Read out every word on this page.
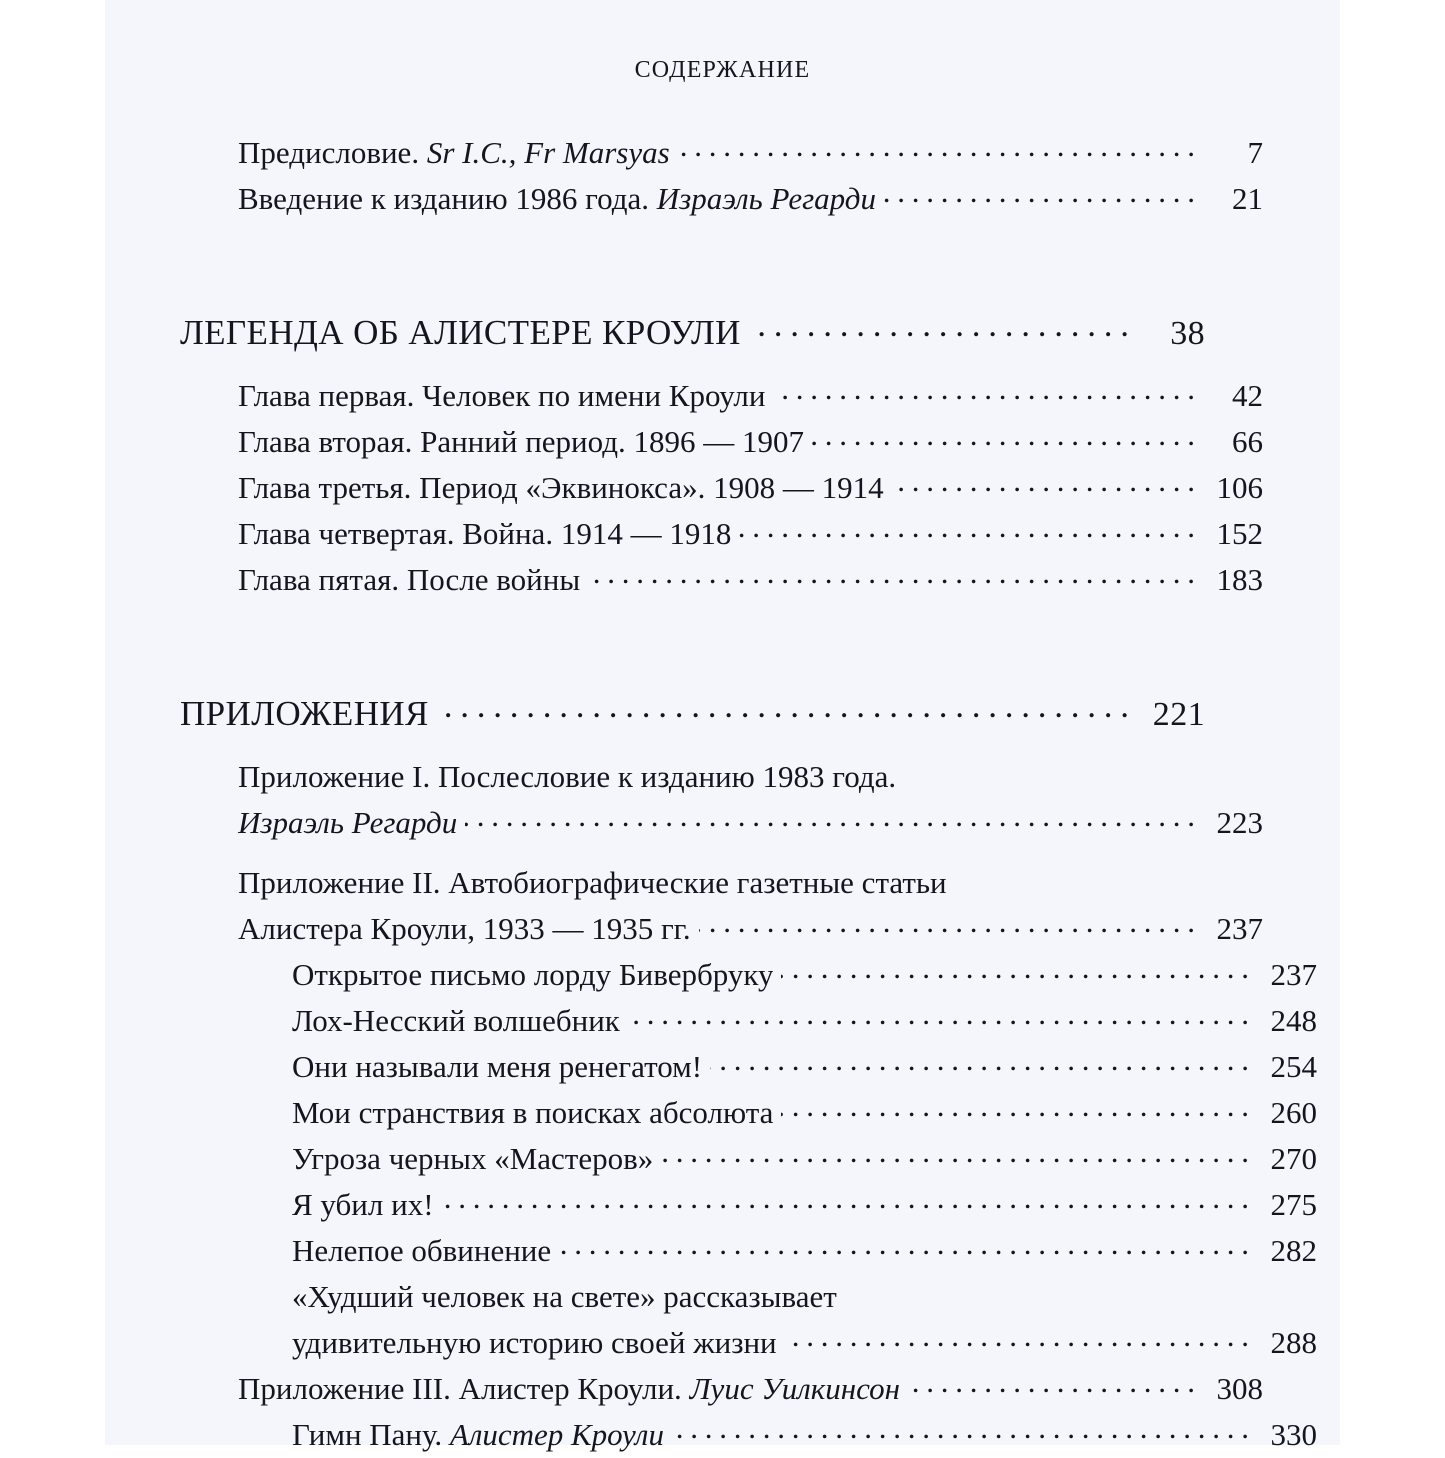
содержание
Предисловие. Sr I.C., Fr Marsyas . . .	7
Введение к изданию 1986 года. Израэль Регарди . . .	21
ЛЕГЕНДА ОБ АЛИСТЕРЕ КРОУЛИ . . .	38
Глава первая. Человек по имени Кроули . . .	42
Глава вторая. Ранний период. 1896 — 1907 . . .	66
Глава третья. Период «Эквинокса». 1908 — 1914 . . .	106
Глава четвертая. Война. 1914 — 1918 . . .	152
Глава пятая. После войны . . .	183
ПРИЛОЖЕНИЯ . . .	221
Приложение I. Послесловие к изданию 1983 года.
Израэль Регарди . . .	223
Приложение II. Автобиографические газетные статьи
Алистера Кроули, 1933 — 1935 гг. . . .	237
Открытое письмо лорду Бивербруку . . .	237
Лох-Несский волшебник . . .	248
Они называли меня ренегатом! . . .	254
Мои странствия в поисках абсолюта . . .	260
Угроза черных «Мастеров» . . .	270
Я убил их! . . .	275
Нелепое обвинение . . .	282
«Худший человек на свете» рассказывает
удивительную историю своей жизни . . .	288
Приложение III. Алистер Кроули. Луис Уилкинсон . . .	308
Гимн Пану. Алистер Кроули . . .	330
